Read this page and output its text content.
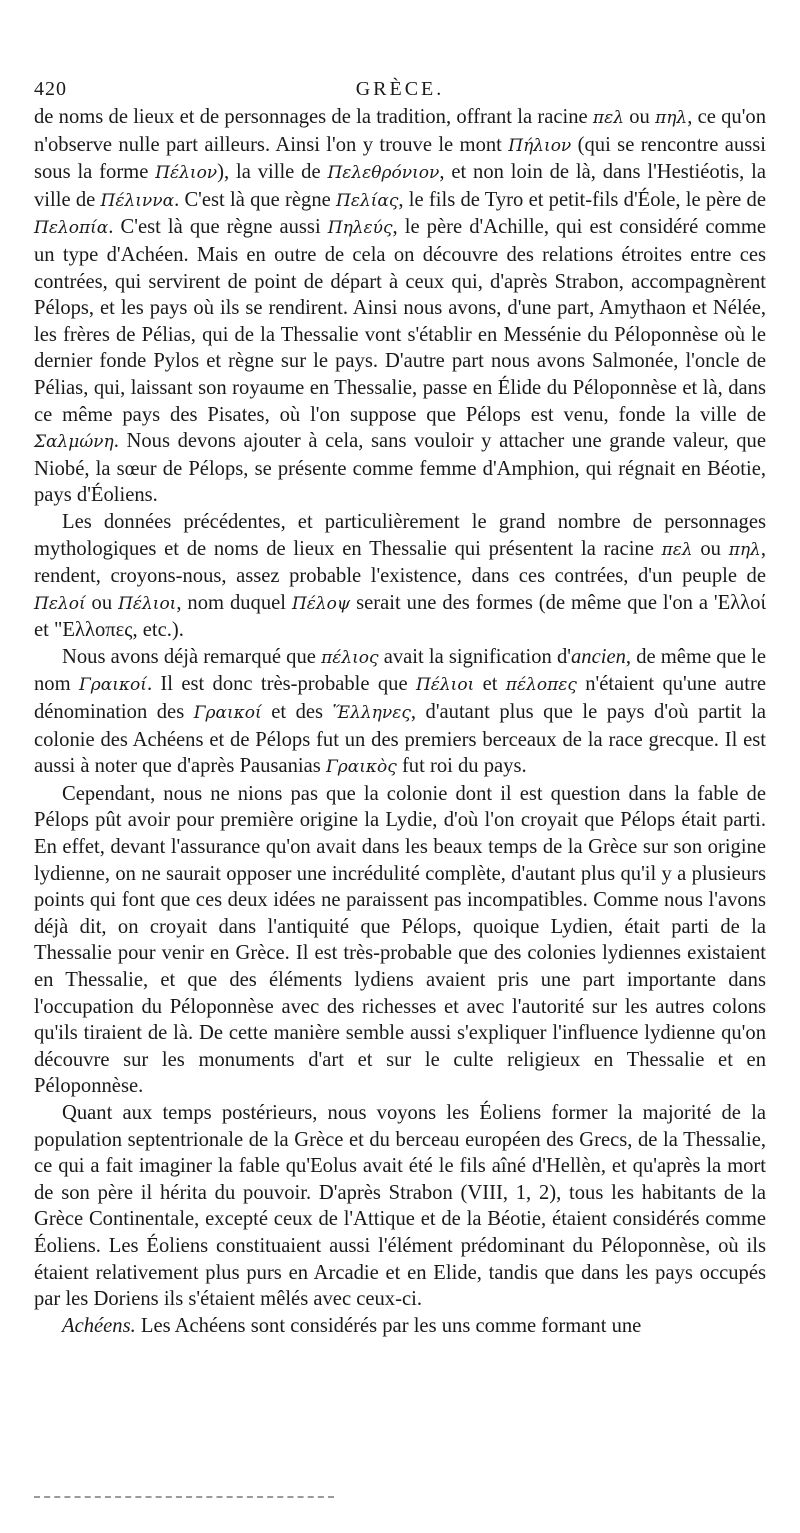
420	GRÈCE.

de noms de lieux et de personnages de la tradition, offrant la racine πελ ou πηλ, ce qu'on n'observe nulle part ailleurs. Ainsi l'on y trouve le mont Πήλιον (qui se rencontre aussi sous la forme Πέλιον), la ville de Πελεθρόνιον, et non loin de là, dans l'Hestiéotis, la ville de Πέλιννα. C'est là que règne Πελίας, le fils de Tyro et petit-fils d'Éole, le père de Πελοπία. C'est là que règne aussi Πηλεύς, le père d'Achille, qui est considéré comme un type d'Achéen. Mais en outre de cela on découvre des relations étroites entre ces contrées, qui servirent de point de départ à ceux qui, d'après Strabon, accompagnèrent Pélops, et les pays où ils se rendirent. Ainsi nous avons, d'une part, Amythaon et Nélée, les frères de Pélias, qui de la Thessalie vont s'établir en Messénie du Péloponnèse où le dernier fonde Pylos et règne sur le pays. D'autre part nous avons Salmonée, l'oncle de Pélias, qui, laissant son royaume en Thessalie, passe en Élide du Péloponnèse et là, dans ce même pays des Pisates, où l'on suppose que Pélops est venu, fonde la ville de Σαλμώνη. Nous devons ajouter à cela, sans vouloir y attacher une grande valeur, que Niobé, la sœur de Pélops, se présente comme femme d'Amphion, qui régnait en Béotie, pays d'Éoliens.

Les données précédentes, et particulièrement le grand nombre de personnages mythologiques et de noms de lieux en Thessalie qui présentent la racine πελ ou πηλ, rendent, croyons-nous, assez probable l'existence, dans ces contrées, d'un peuple de Πελοί ou Πέλιοι, nom duquel Πέλοψ serait une des formes (de même que l'on a 'Ελλοί et "Ελλοπες, etc.).

Nous avons déjà remarqué que πέλιος avait la signification d'ancien, de même que le nom Γραικοί. Il est donc très-probable que Πέλιοι et πέλοπες n'étaient qu'une autre dénomination des Γραικοί et des Ἕλληνες, d'autant plus que le pays d'où partit la colonie des Achéens et de Pélops fut un des premiers berceaux de la race grecque. Il est aussi à noter que d'après Pausanias Γραικὸς fut roi du pays.

Cependant, nous ne nions pas que la colonie dont il est question dans la fable de Pélops pût avoir pour première origine la Lydie, d'où l'on croyait que Pélops était parti. En effet, devant l'assurance qu'on avait dans les beaux temps de la Grèce sur son origine lydienne, on ne saurait opposer une incrédulité complète, d'autant plus qu'il y a plusieurs points qui font que ces deux idées ne paraissent pas incompatibles. Comme nous l'avons déjà dit, on croyait dans l'antiquité que Pélops, quoique Lydien, était parti de la Thessalie pour venir en Grèce. Il est très-probable que des colonies lydiennes existaient en Thessalie, et que des éléments lydiens avaient pris une part importante dans l'occupation du Péloponnèse avec des richesses et avec l'autorité sur les autres colons qu'ils tiraient de là. De cette manière semble aussi s'expliquer l'influence lydienne qu'on découvre sur les monuments d'art et sur le culte religieux en Thessalie et en Péloponnèse.

Quant aux temps postérieurs, nous voyons les Éoliens former la majorité de la population septentrionale de la Grèce et du berceau européen des Grecs, de la Thessalie, ce qui a fait imaginer la fable qu'Eolus avait été le fils aîné d'Hellèn, et qu'après la mort de son père il hérita du pouvoir. D'après Strabon (VIII, 1, 2), tous les habitants de la Grèce Continentale, excepté ceux de l'Attique et de la Béotie, étaient considérés comme Éoliens. Les Éoliens constituaient aussi l'élément prédominant du Péloponnèse, où ils étaient relativement plus purs en Arcadie et en Elide, tandis que dans les pays occupés par les Doriens ils s'étaient mêlés avec ceux-ci.

Achéens. Les Achéens sont considérés par les uns comme formant une
